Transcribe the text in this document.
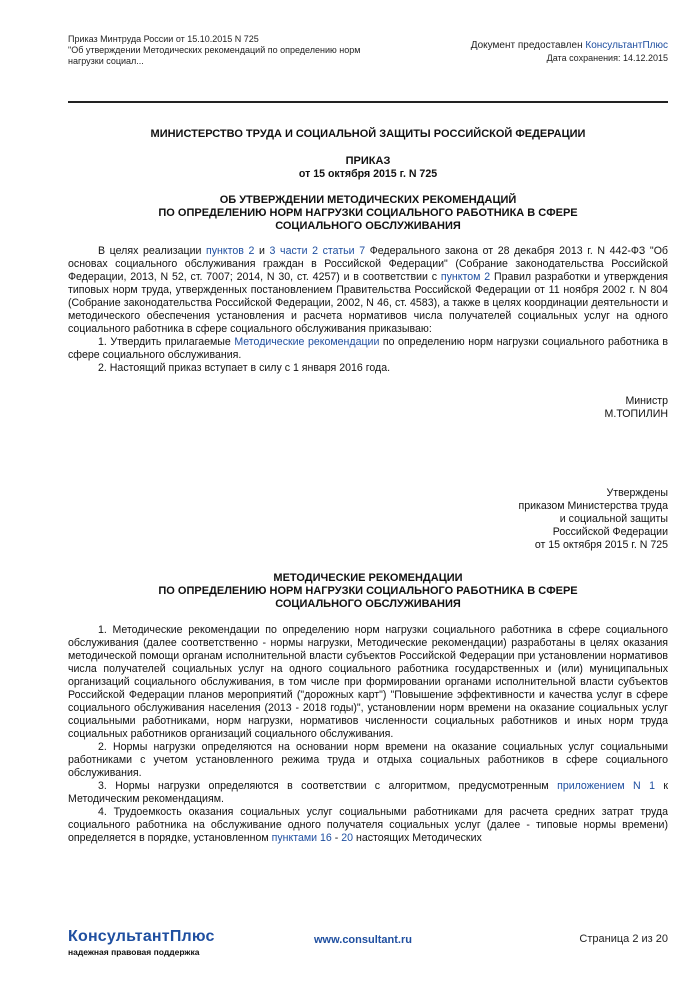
Приказ Минтруда России от 15.10.2015 N 725
"Об утверждении Методических рекомендаций по определению норм
нагрузки социал...
Документ предоставлен КонсультантПлюс
Дата сохранения: 14.12.2015
МИНИСТЕРСТВО ТРУДА И СОЦИАЛЬНОЙ ЗАЩИТЫ РОССИЙСКОЙ ФЕДЕРАЦИИ
ПРИКАЗ
от 15 октября 2015 г. N 725
ОБ УТВЕРЖДЕНИИ МЕТОДИЧЕСКИХ РЕКОМЕНДАЦИЙ
ПО ОПРЕДЕЛЕНИЮ НОРМ НАГРУЗКИ СОЦИАЛЬНОГО РАБОТНИКА В СФЕРЕ
СОЦИАЛЬНОГО ОБСЛУЖИВАНИЯ

В целях реализации пунктов 2 и 3 части 2 статьи 7 Федерального закона от 28 декабря 2013 г. N 442-ФЗ "Об основах социального обслуживания граждан в Российской Федерации" (Собрание законодательства Российской Федерации, 2013, N 52, ст. 7007; 2014, N 30, ст. 4257) и в соответствии с пунктом 2 Правил разработки и утверждения типовых норм труда, утвержденных постановлением Правительства Российской Федерации от 11 ноября 2002 г. N 804 (Собрание законодательства Российской Федерации, 2002, N 46, ст. 4583), а также в целях координации деятельности и методического обеспечения установления и расчета нормативов числа получателей социальных услуг на одного социального работника в сфере социального обслуживания приказываю:

1. Утвердить прилагаемые Методические рекомендации по определению норм нагрузки социального работника в сфере социального обслуживания.

2. Настоящий приказ вступает в силу с 1 января 2016 года.

Министр
М.ТОПИЛИН
Утверждены
приказом Министерства труда
и социальной защиты
Российской Федерации
от 15 октября 2015 г. N 725
МЕТОДИЧЕСКИЕ РЕКОМЕНДАЦИИ
ПО ОПРЕДЕЛЕНИЮ НОРМ НАГРУЗКИ СОЦИАЛЬНОГО РАБОТНИКА В СФЕРЕ
СОЦИАЛЬНОГО ОБСЛУЖИВАНИЯ

1. Методические рекомендации по определению норм нагрузки социального работника в сфере социального обслуживания (далее соответственно - нормы нагрузки, Методические рекомендации) разработаны в целях оказания методической помощи органам исполнительной власти субъектов Российской Федерации при установлении нормативов числа получателей социальных услуг на одного социального работника государственных и (или) муниципальных организаций социального обслуживания, в том числе при формировании органами исполнительной власти субъектов Российской Федерации планов мероприятий ("дорожных карт") "Повышение эффективности и качества услуг в сфере социального обслуживания населения (2013 - 2018 годы)", установлении норм времени на оказание социальных услуг социальными работниками, норм нагрузки, нормативов численности социальных работников и иных норм труда социальных работников организаций социального обслуживания.

2. Нормы нагрузки определяются на основании норм времени на оказание социальных услуг социальными работниками с учетом установленного режима труда и отдыха социальных работников в сфере социального обслуживания.

3. Нормы нагрузки определяются в соответствии с алгоритмом, предусмотренным приложением N 1 к Методическим рекомендациям.

4. Трудоемкость оказания социальных услуг социальными работниками для расчета средних затрат труда социального работника на обслуживание одного получателя социальных услуг (далее - типовые нормы времени) определяется в порядке, установленном пунктами 16 - 20 настоящих Методических

КонсультантПлюс
надежная правовая поддержка
www.consultant.ru	Страница 2 из 20
